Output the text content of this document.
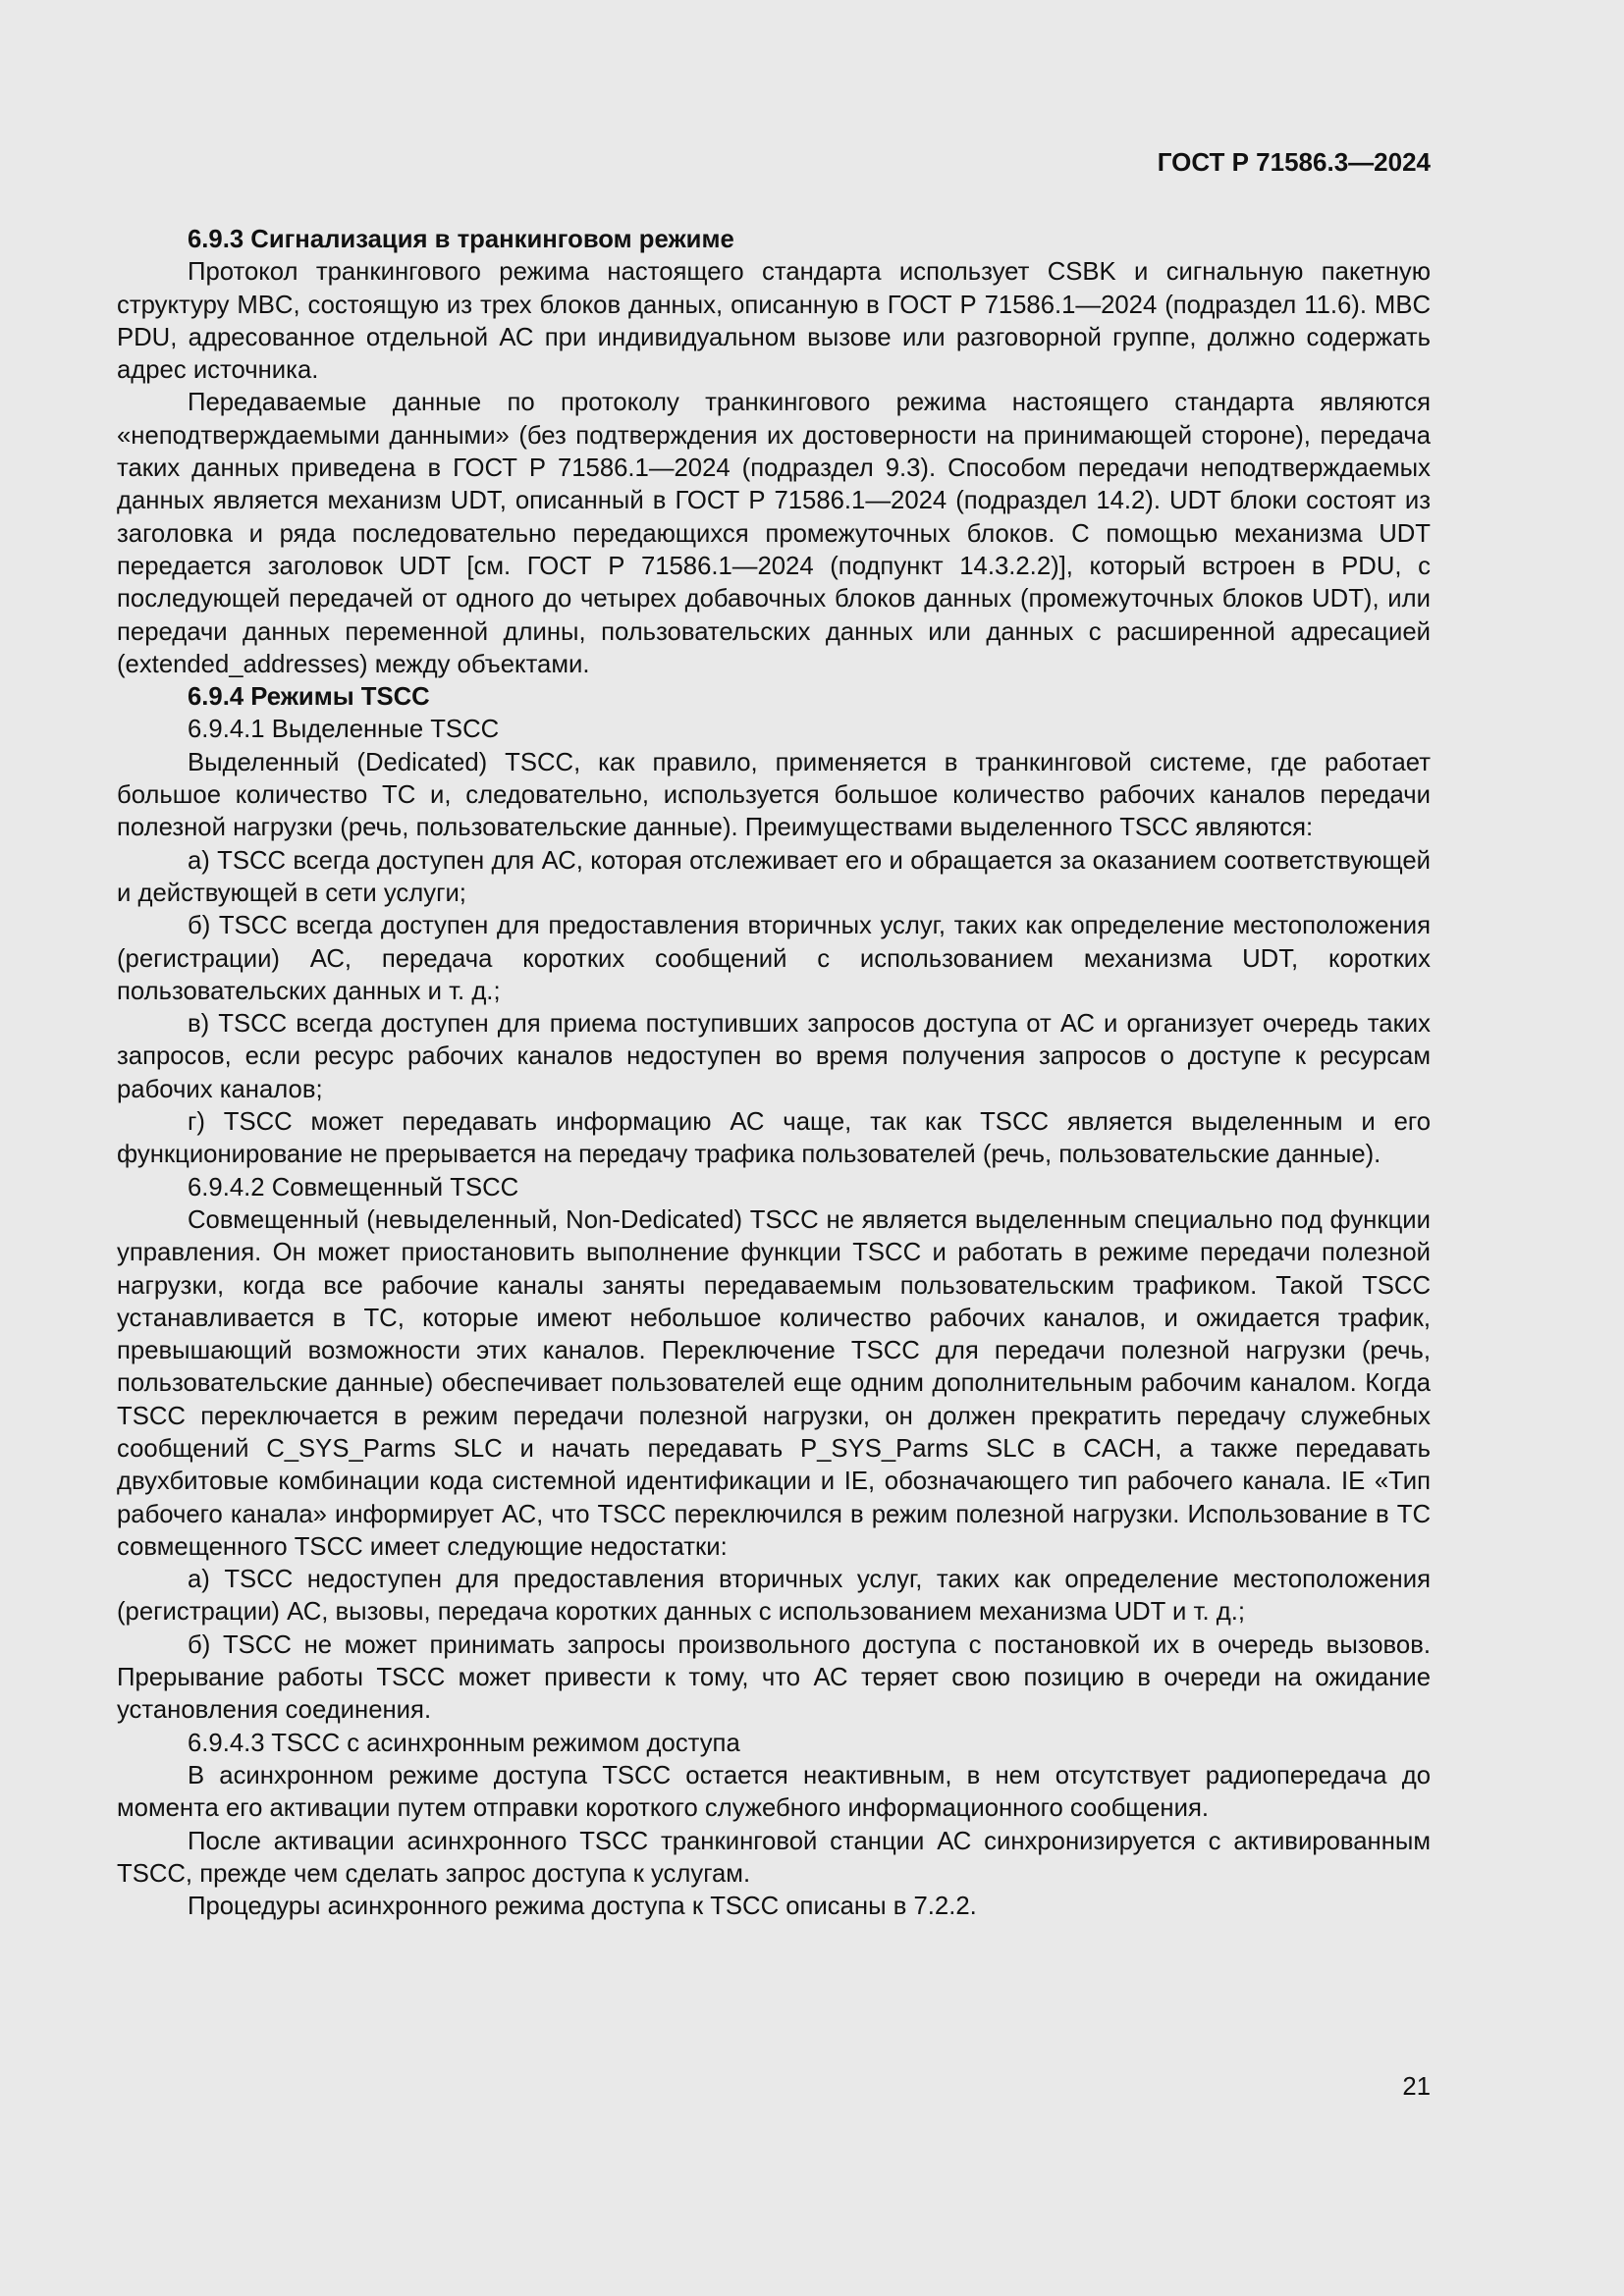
ГОСТ Р 71586.3—2024

6.9.3 Сигнализация в транкинговом режиме

Протокол транкингового режима настоящего стандарта использует CSBK и сигнальную пакетную структуру MBC, состоящую из трех блоков данных, описанную в ГОСТ Р 71586.1—2024 (подраздел 11.6). MBC PDU, адресованное отдельной АС при индивидуальном вызове или разговорной группе, должно содержать адрес источника.

Передаваемые данные по протоколу транкингового режима настоящего стандарта являются «неподтверждаемыми данными» (без подтверждения их достоверности на принимающей стороне), передача таких данных приведена в ГОСТ Р 71586.1—2024 (подраздел 9.3). Способом передачи неподтверждаемых данных является механизм UDT, описанный в ГОСТ Р 71586.1—2024 (подраздел 14.2). UDT блоки состоят из заголовка и ряда последовательно передающихся промежуточных блоков. С помощью механизма UDT передается заголовок UDT [см. ГОСТ Р 71586.1—2024 (подпункт 14.3.2.2)], который встроен в PDU, с последующей передачей от одного до четырех добавочных блоков данных (промежуточных блоков UDT), или передачи данных переменной длины, пользовательских данных или данных с расширенной адресацией (extended_addresses) между объектами.

6.9.4 Режимы TSCC

6.9.4.1 Выделенные TSCC

Выделенный (Dedicated) TSCC, как правило, применяется в транкинговой системе, где работает большое количество ТС и, следовательно, используется большое количество рабочих каналов передачи полезной нагрузки (речь, пользовательские данные). Преимуществами выделенного TSCC являются:

а) TSCC всегда доступен для АС, которая отслеживает его и обращается за оказанием соответствующей и действующей в сети услуги;

б) TSCC всегда доступен для предоставления вторичных услуг, таких как определение местоположения (регистрации) АС, передача коротких сообщений с использованием механизма UDT, коротких пользовательских данных и т. д.;

в) TSCC всегда доступен для приема поступивших запросов доступа от АС и организует очередь таких запросов, если ресурс рабочих каналов недоступен во время получения запросов о доступе к ресурсам рабочих каналов;

г) TSCC может передавать информацию АС чаще, так как TSCC является выделенным и его функционирование не прерывается на передачу трафика пользователей (речь, пользовательские данные).

6.9.4.2 Совмещенный TSCC

Совмещенный (невыделенный, Non-Dedicated) TSCC не является выделенным специально под функции управления. Он может приостановить выполнение функции TSCC и работать в режиме передачи полезной нагрузки, когда все рабочие каналы заняты передаваемым пользовательским трафиком. Такой TSCC устанавливается в ТС, которые имеют небольшое количество рабочих каналов, и ожидается трафик, превышающий возможности этих каналов. Переключение TSCC для передачи полезной нагрузки (речь, пользовательские данные) обеспечивает пользователей еще одним дополнительным рабочим каналом. Когда TSCC переключается в режим передачи полезной нагрузки, он должен прекратить передачу служебных сообщений C_SYS_Parms SLC и начать передавать P_SYS_Parms SLC в CACH, а также передавать двухбитовые комбинации кода системной идентификации и IE, обозначающего тип рабочего канала. IE «Тип рабочего канала» информирует АС, что TSCC переключился в режим полезной нагрузки. Использование в ТС совмещенного TSCC имеет следующие недостатки:

а) TSCC недоступен для предоставления вторичных услуг, таких как определение местоположения (регистрации) АС, вызовы, передача коротких данных с использованием механизма UDT и т. д.;

б) TSCC не может принимать запросы произвольного доступа с постановкой их в очередь вызовов. Прерывание работы TSCC может привести к тому, что АС теряет свою позицию в очереди на ожидание установления соединения.

6.9.4.3 TSCC с асинхронным режимом доступа

В асинхронном режиме доступа TSCC остается неактивным, в нем отсутствует радиопередача до момента его активации путем отправки короткого служебного информационного сообщения.

После активации асинхронного TSCC транкинговой станции АС синхронизируется с активированным TSCC, прежде чем сделать запрос доступа к услугам.

Процедуры асинхронного режима доступа к TSCC описаны в 7.2.2.

21
